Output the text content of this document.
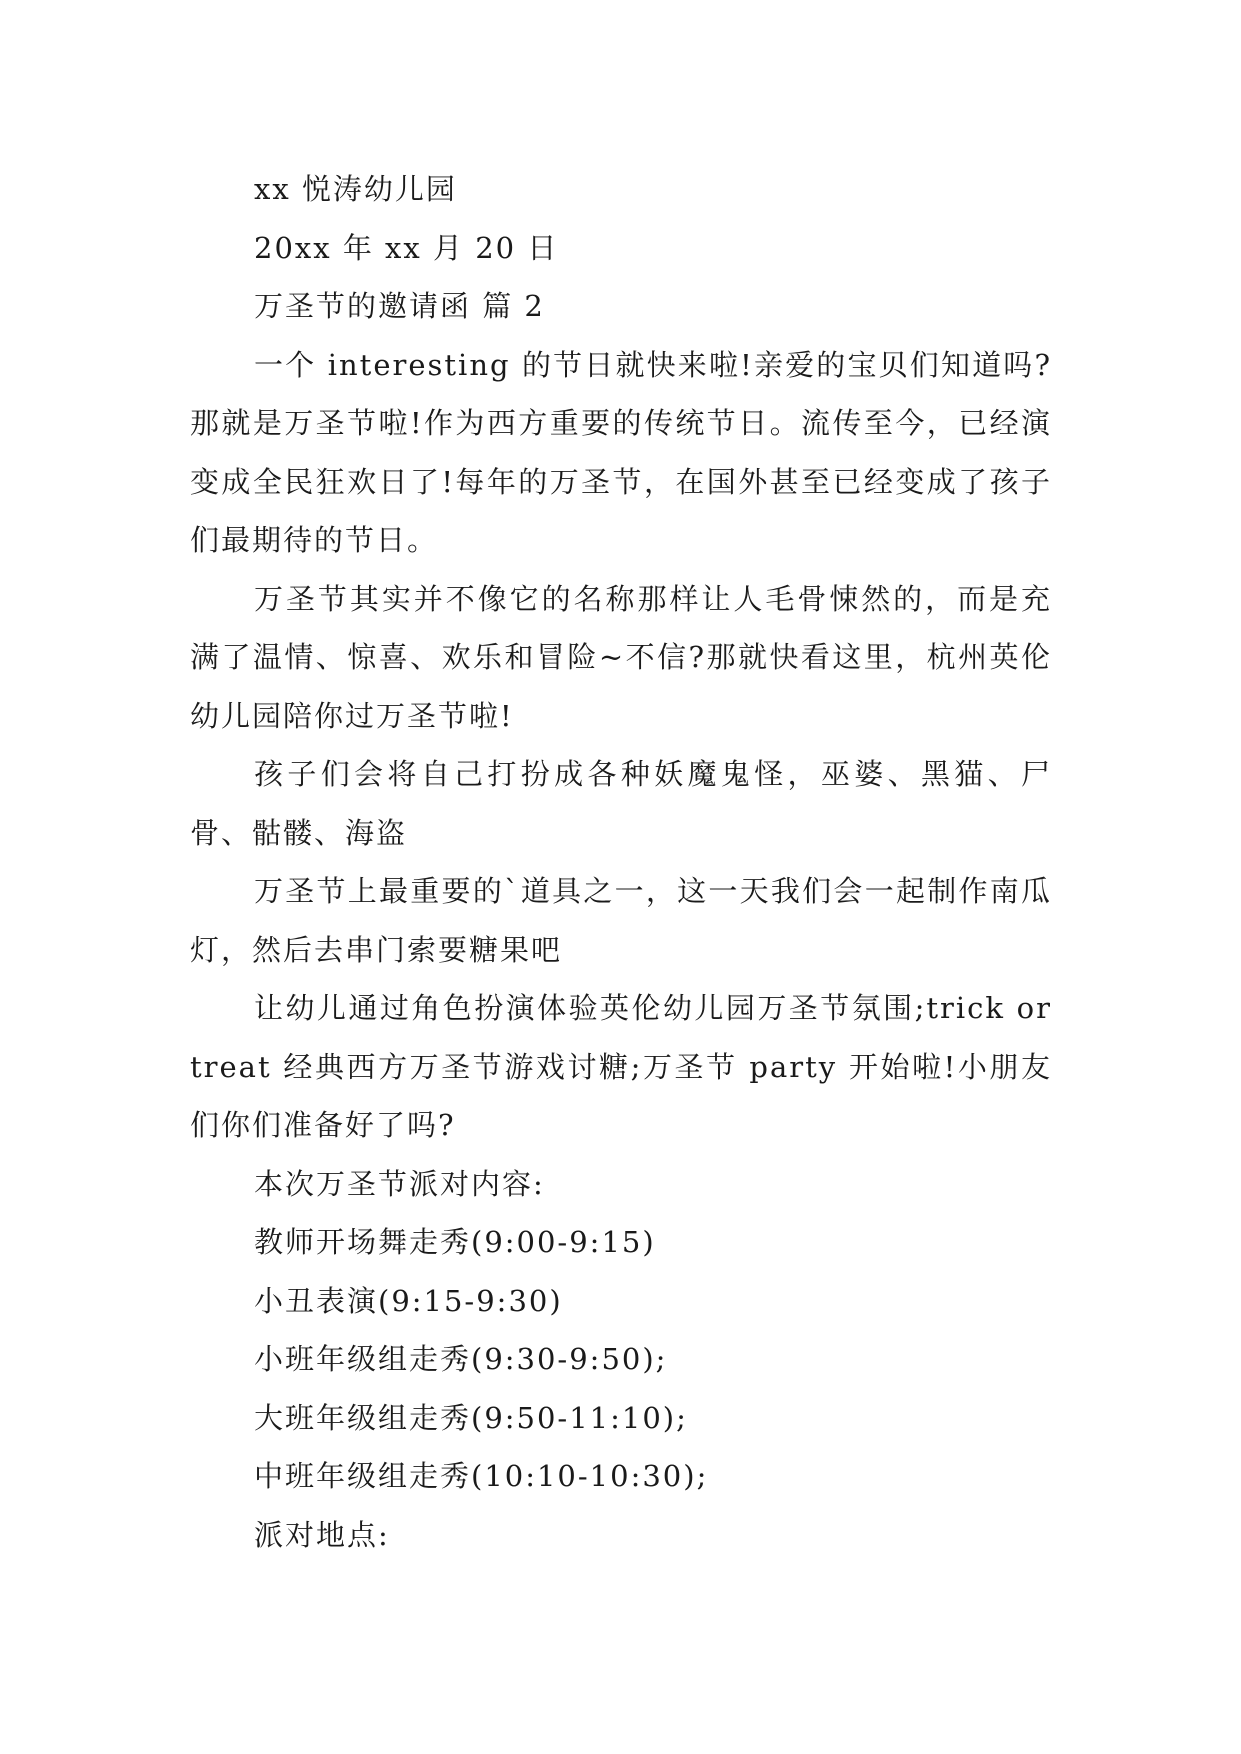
xx 悦涛幼儿园

20xx 年 xx 月 20 日

万圣节的邀请函 篇 2

一个 interesting 的节日就快来啦!亲爱的宝贝们知道吗?那就是万圣节啦!作为西方重要的传统节日。流传至今，已经演变成全民狂欢日了!每年的万圣节，在国外甚至已经变成了孩子们最期待的节日。

万圣节其实并不像它的名称那样让人毛骨悚然的，而是充满了温情、惊喜、欢乐和冒险~不信?那就快看这里，杭州英伦幼儿园陪你过万圣节啦!

孩子们会将自己打扮成各种妖魔鬼怪，巫婆、黑猫、尸骨、骷髅、海盗

万圣节上最重要的`道具之一，这一天我们会一起制作南瓜灯，然后去串门索要糖果吧

让幼儿通过角色扮演体验英伦幼儿园万圣节氛围;trick or treat 经典西方万圣节游戏讨糖;万圣节 party 开始啦!小朋友们你们准备好了吗?

本次万圣节派对内容:

教师开场舞走秀(9:00-9:15)

小丑表演(9:15-9:30)

小班年级组走秀(9:30-9:50);

大班年级组走秀(9:50-11:10);

中班年级组走秀(10:10-10:30);

派对地点:
